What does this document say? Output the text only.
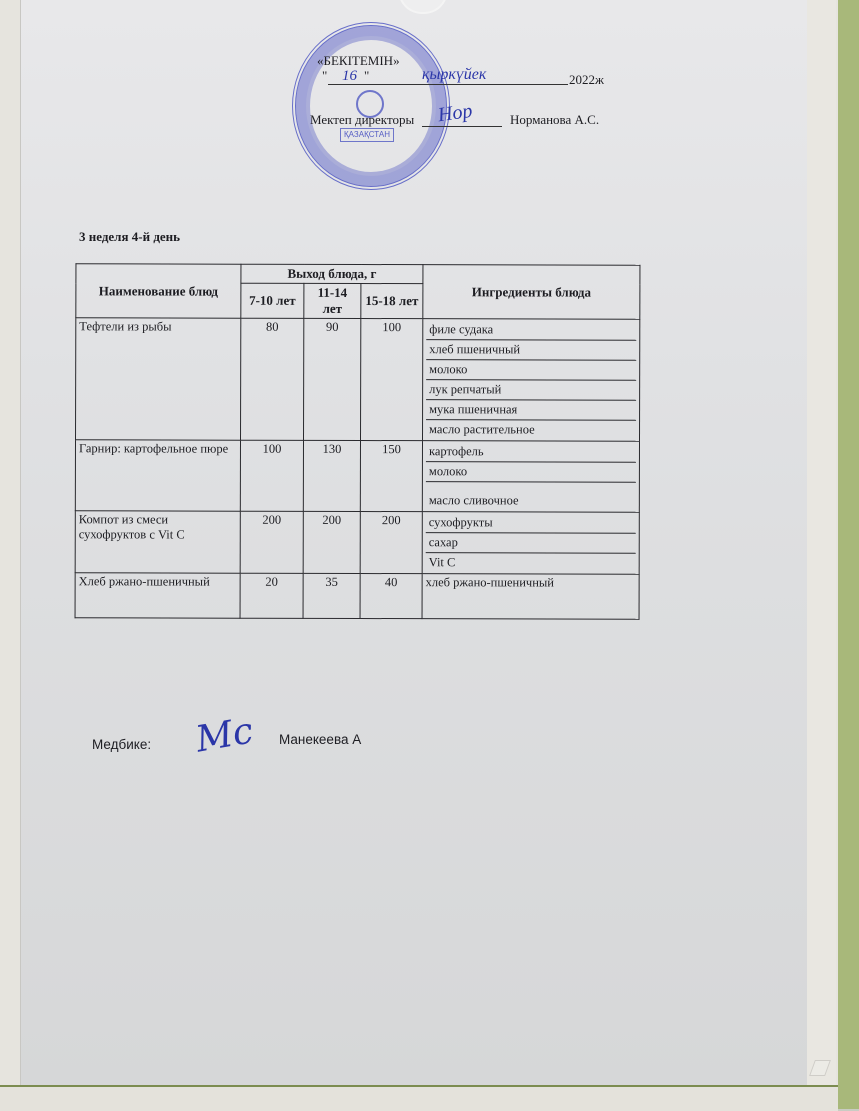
ҚАЗАҚСТАН
«БЕКІТЕМІН»
" 16 "	қыркүйек	2022ж
Мектеп директоры Нор	Норманова А.С.
3 неделя 4-й день
Наименование блюд	Выход блюда, г			Ингредиенты блюда
	7-10 лет	11-14 лет	15-18 лет	
Тефтели из рыбы	80	90	100	филе судака
хлеб пшеничный
молоко
лук репчатый
мука пшеничная
масло растительное

Гарнир: картофельное пюре	100	130	150	картофель
молоко
масло сливочное

Компот из смеси сухофруктов с Vit C	200	200	200	сухофрукты
сахар
Vit C

Хлеб ржано-пшеничный	20	35	40	хлеб ржано-пшеничный
Медбике: Мс Манекеева А
